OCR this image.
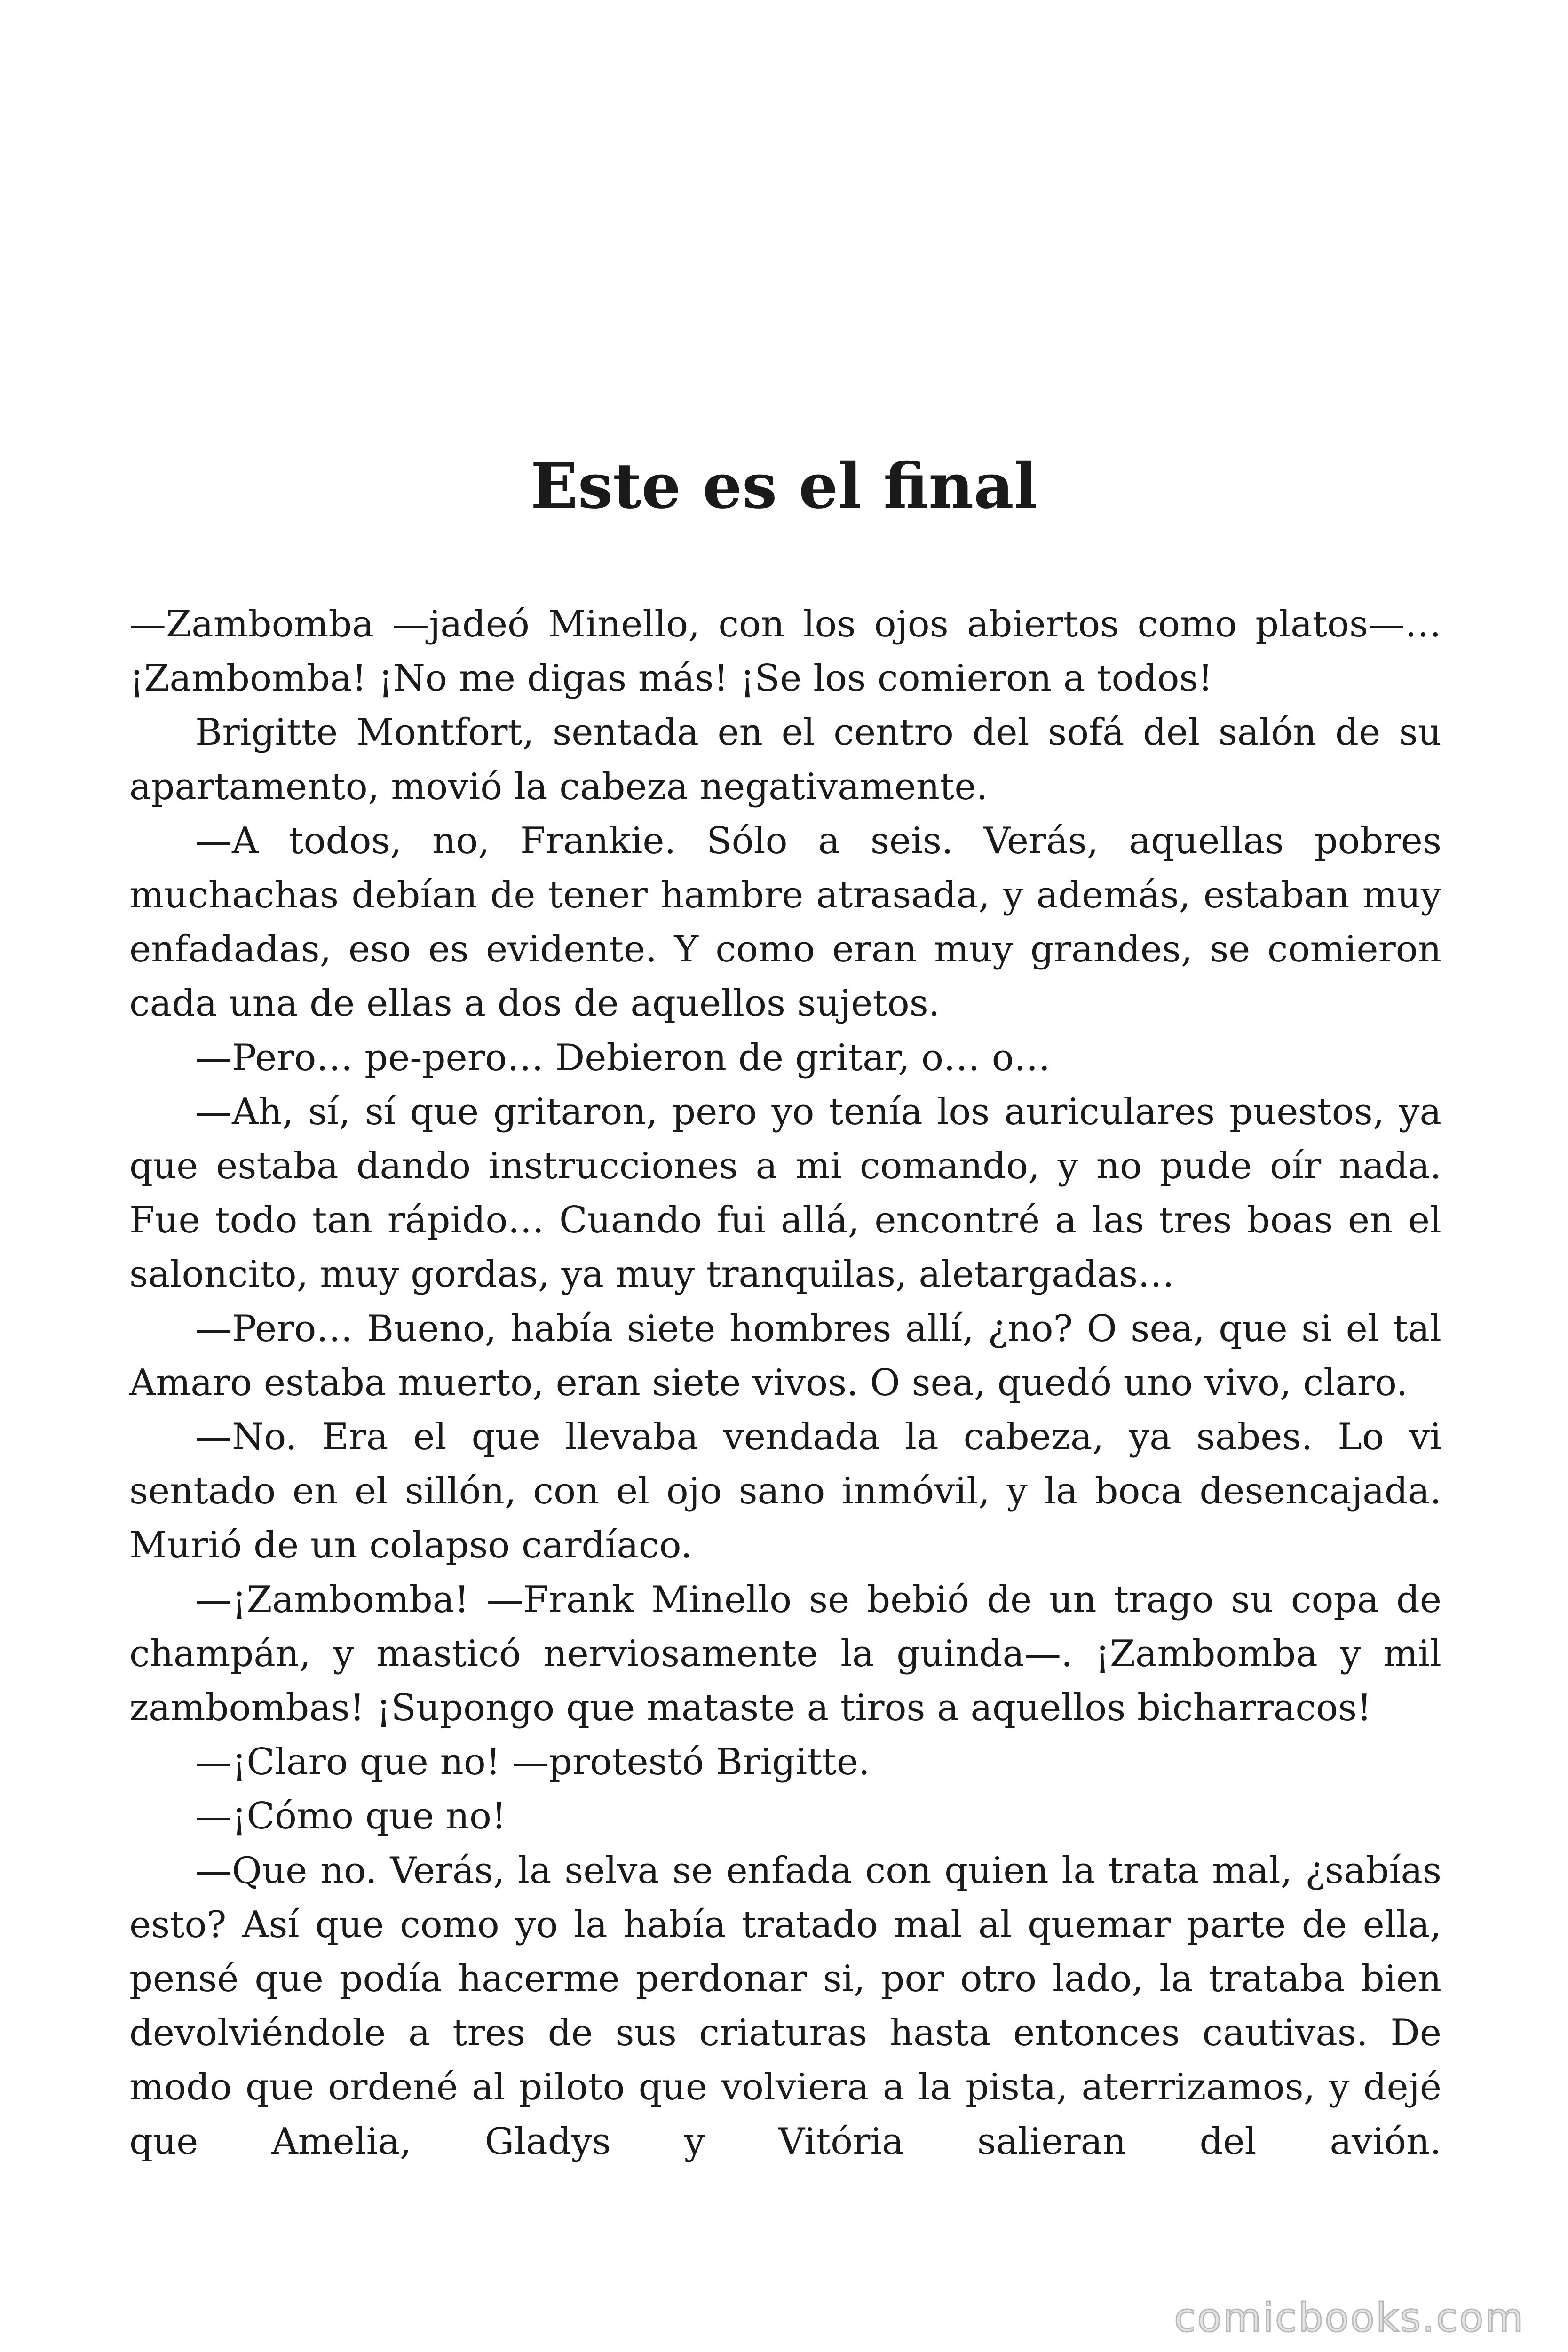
Este es el final

—Zambomba —jadeó Minello, con los ojos abiertos como platos—… ¡Zambomba! ¡No me digas más! ¡Se los comieron a todos!

Brigitte Montfort, sentada en el centro del sofá del salón de su apartamento, movió la cabeza negativamente.

—A todos, no, Frankie. Sólo a seis. Verás, aquellas pobres muchachas debían de tener hambre atrasada, y además, estaban muy enfadadas, eso es evidente. Y como eran muy grandes, se comieron cada una de ellas a dos de aquellos sujetos.

—Pero… pe-pero… Debieron de gritar, o… o…

—Ah, sí, sí que gritaron, pero yo tenía los auriculares puestos, ya que estaba dando instrucciones a mi comando, y no pude oír nada. Fue todo tan rápido… Cuando fui allá, encontré a las tres boas en el saloncito, muy gordas, ya muy tranquilas, aletargadas…

—Pero… Bueno, había siete hombres allí, ¿no? O sea, que si el tal Amaro estaba muerto, eran siete vivos. O sea, quedó uno vivo, claro.

—No. Era el que llevaba vendada la cabeza, ya sabes. Lo vi sentado en el sillón, con el ojo sano inmóvil, y la boca desencajada. Murió de un colapso cardíaco.

—¡Zambomba! —Frank Minello se bebió de un trago su copa de champán, y masticó nerviosamente la guinda—. ¡Zambomba y mil zambombas! ¡Supongo que mataste a tiros a aquellos bicharracos!

—¡Claro que no! —protestó Brigitte.

—¡Cómo que no!

—Que no. Verás, la selva se enfada con quien la trata mal, ¿sabías esto? Así que como yo la había tratado mal al quemar parte de ella, pensé que podía hacerme perdonar si, por otro lado, la trataba bien devolviéndole a tres de sus criaturas hasta entonces cautivas. De modo que ordené al piloto que volviera a la pista, aterrizamos, y dejé que Amelia, Gladys y Vitória salieran del avión.

comicbooks.com
